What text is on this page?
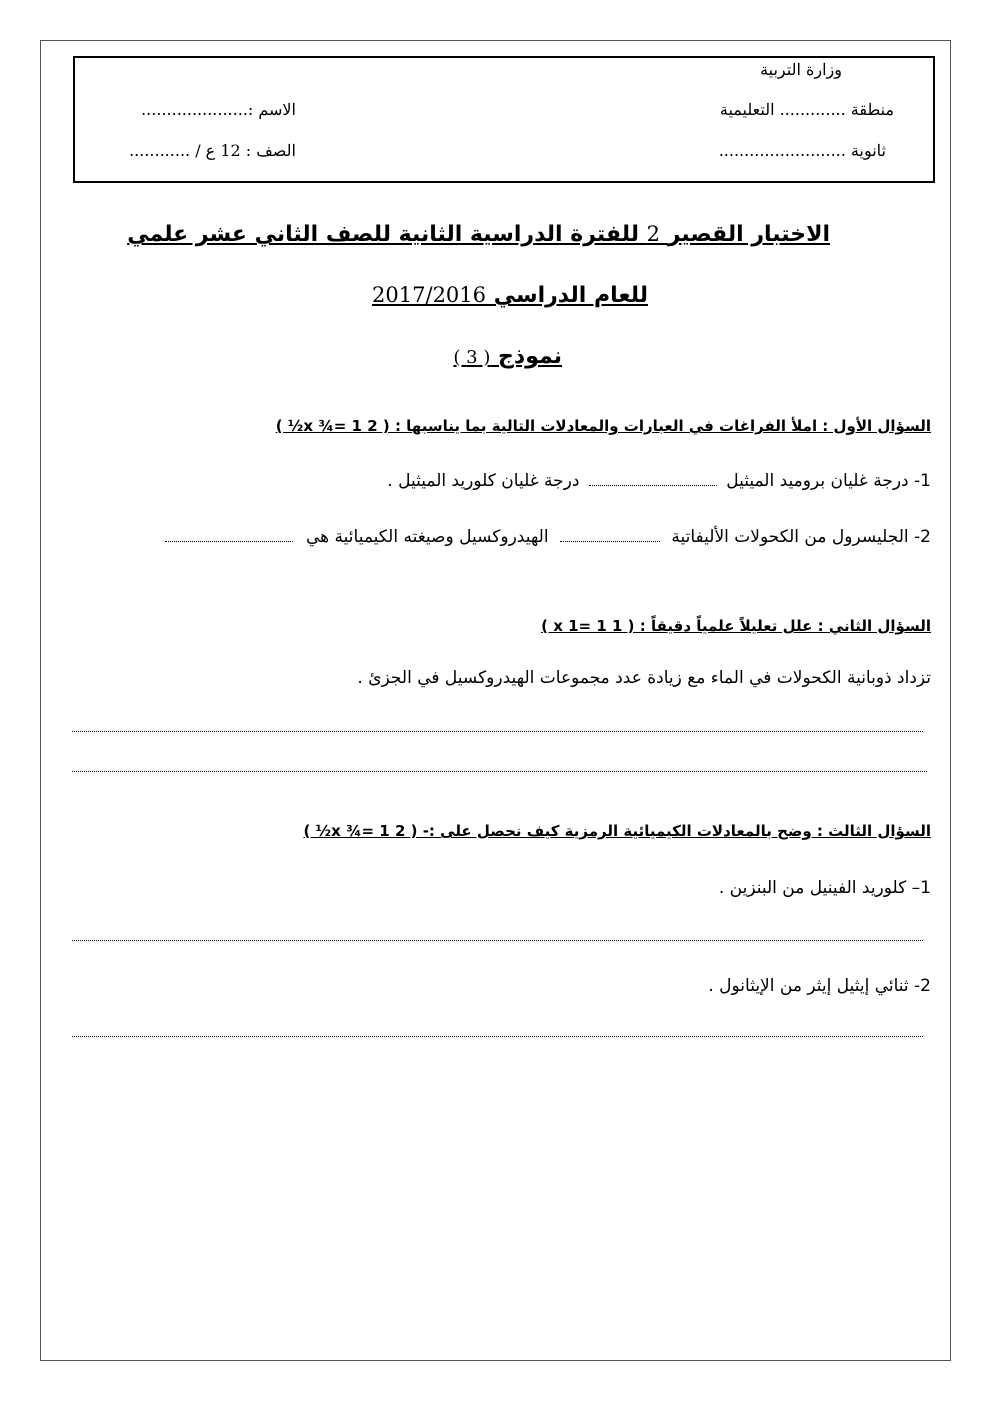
وزارة التربية
منطقة ............. التعليمية
ثانوية .........................
الاسم :.....................
الصف : 12 ع / ............
الاختبار القصير 2 للفترة الدراسية الثانية للصف الثاني عشر علمي
للعام الدراسي 2017/2016
نموذج ( 3 )
السؤال الأول : املأ الفراغات في العبارات والمعادلات التالية بما يناسبها : ( 2 x ¾= 1½ )
1- درجة غليان بروميد الميثيل  درجة غليان كلوريد الميثيل .
2- الجليسرول من الكحولات الأليفاتية  الهيدروكسيل وصيغته الكيميائية هي
السؤال الثاني : علل تعليلاً علمياً دقيقاً : ( 1 x 1= 1 )
تزداد ذوبانية الكحولات في الماء مع زيادة عدد مجموعات الهيدروكسيل في الجزئ .
السؤال الثالث : وضح بالمعادلات الكيميائية الرمزية كيف نحصل على :- ( 2 x ¾= 1½ )
1– كلوريد الفينيل من البنزين .
2- ثنائي إيثيل إيثر من الإيثانول .
